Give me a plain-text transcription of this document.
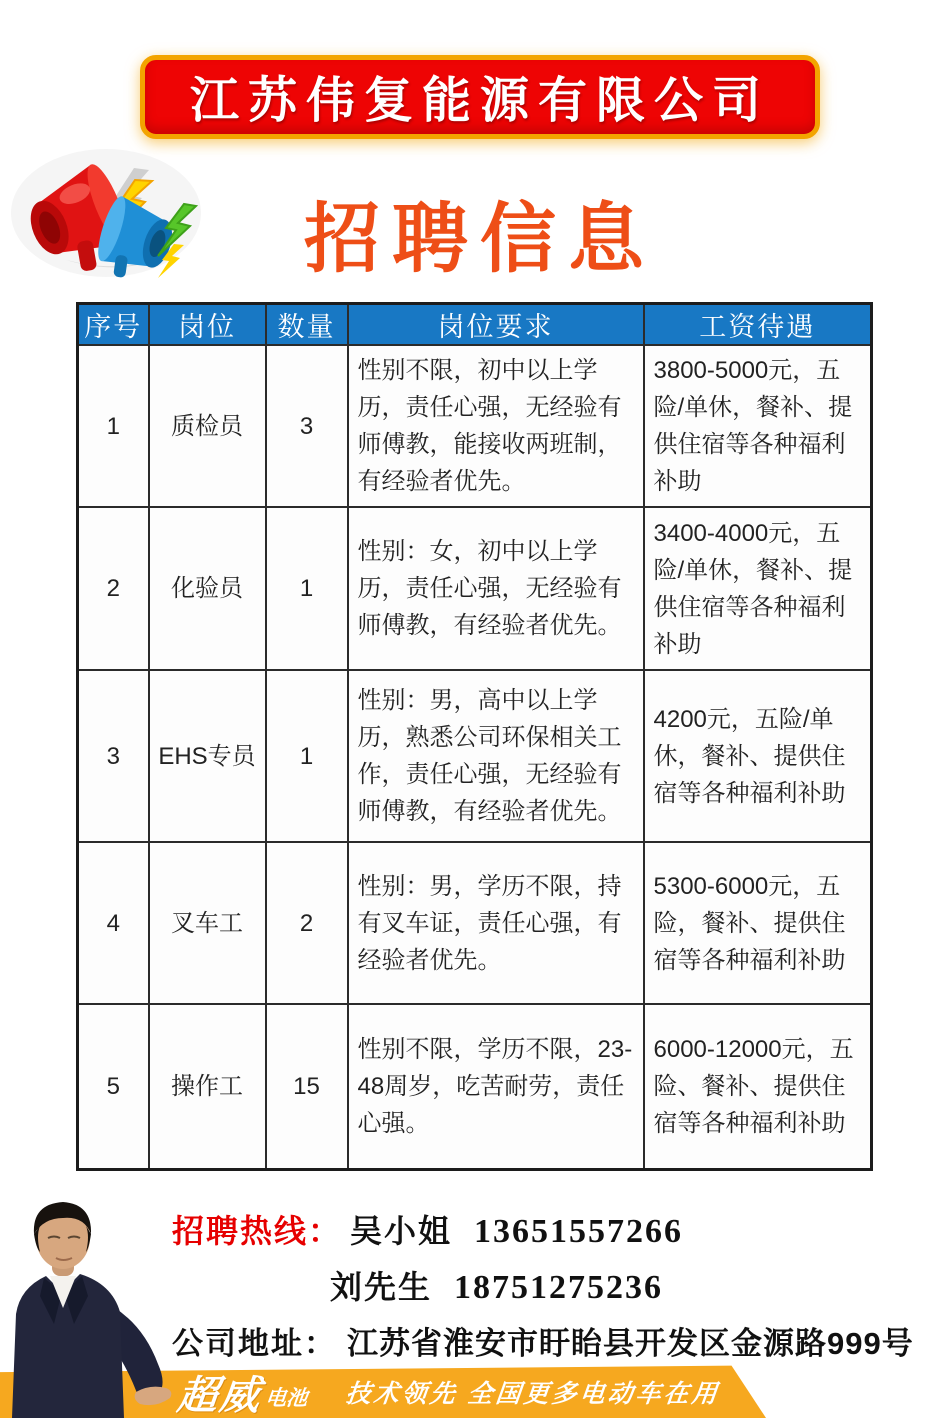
江苏伟复能源有限公司
招聘信息
序号	岗位	数量	岗位要求	工资待遇
1	质检员	3	性别不限，初中以上学历，责任心强，无经验有师傅教，能接收两班制，有经验者优先。	3800-5000元，五险/单休，餐补、提供住宿等各种福利补助
2	化验员	1	性别：女，初中以上学历，责任心强，无经验有师傅教，有经验者优先。	3400-4000元，五险/单休，餐补、提供住宿等各种福利补助
3	EHS专员	1	性别：男，高中以上学历，熟悉公司环保相关工作，责任心强，无经验有师傅教，有经验者优先。	4200元，五险/单休，餐补、提供住宿等各种福利补助
4	叉车工	2	性别：男，学历不限，持有叉车证，责任心强，有经验者优先。	5300-6000元，五险，餐补、提供住宿等各种福利补助
5	操作工	15	性别不限，学历不限，23-48周岁，吃苦耐劳，责任心强。	6000-12000元，五险、餐补、提供住宿等各种福利补助
招聘热线： 吴小姐 13651557266
刘先生 18751275236
公司地址： 江苏省淮安市盱眙县开发区金源路999号
超威 电池 技术领先 全国更多电动车在用
